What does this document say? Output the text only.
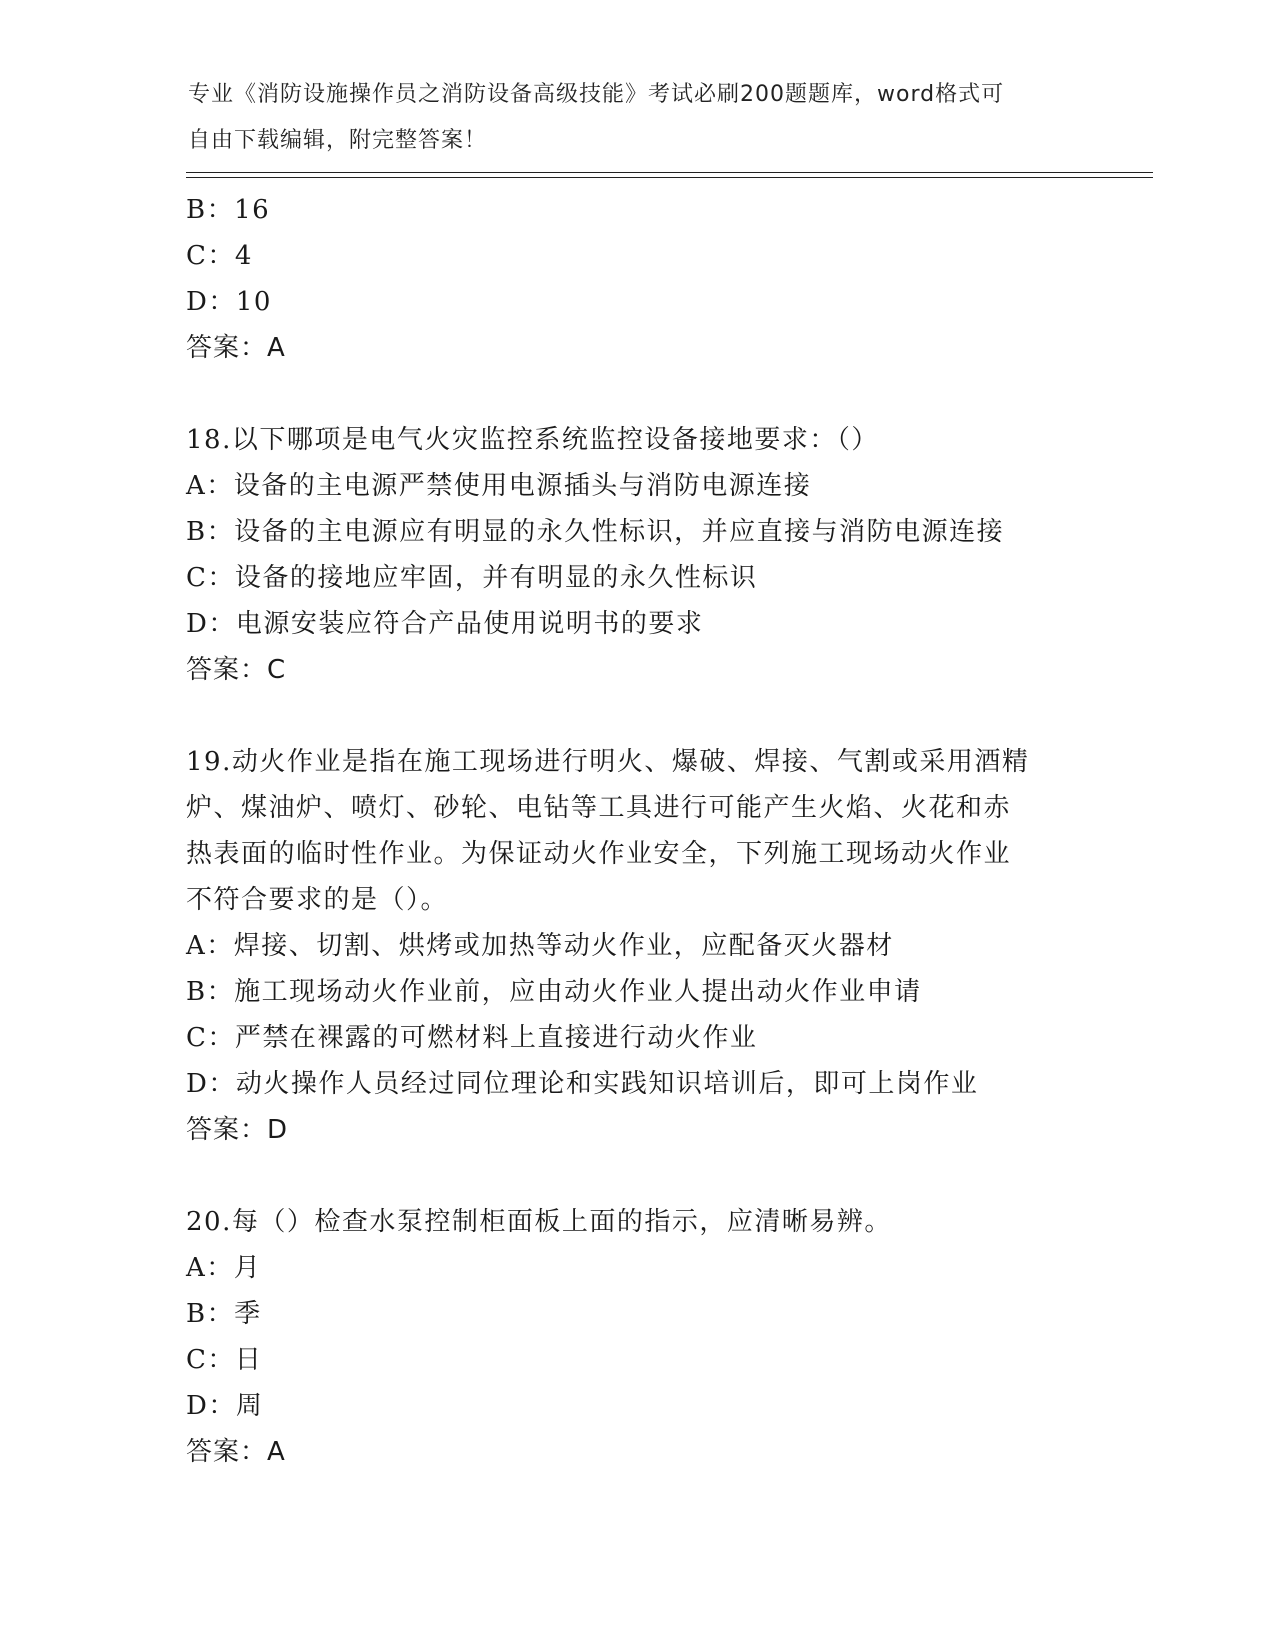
专业《消防设施操作员之消防设备高级技能》考试必刷200题题库，word格式可
自由下载编辑，附完整答案！
B：16
C：4
D：10
答案：A
18.以下哪项是电气火灾监控系统监控设备接地要求：（）
A：设备的主电源严禁使用电源插头与消防电源连接
B：设备的主电源应有明显的永久性标识，并应直接与消防电源连接
C：设备的接地应牢固，并有明显的永久性标识
D：电源安装应符合产品使用说明书的要求
答案：C
19.动火作业是指在施工现场进行明火、爆破、焊接、气割或采用酒精
炉、煤油炉、喷灯、砂轮、电钻等工具进行可能产生火焰、火花和赤
热表面的临时性作业。为保证动火作业安全，下列施工现场动火作业
不符合要求的是（）。
A：焊接、切割、烘烤或加热等动火作业，应配备灭火器材
B：施工现场动火作业前，应由动火作业人提出动火作业申请
C：严禁在裸露的可燃材料上直接进行动火作业
D：动火操作人员经过同位理论和实践知识培训后，即可上岗作业
答案：D
20.每（）检查水泵控制柜面板上面的指示，应清晰易辨。
A：月
B：季
C：日
D：周
答案：A
